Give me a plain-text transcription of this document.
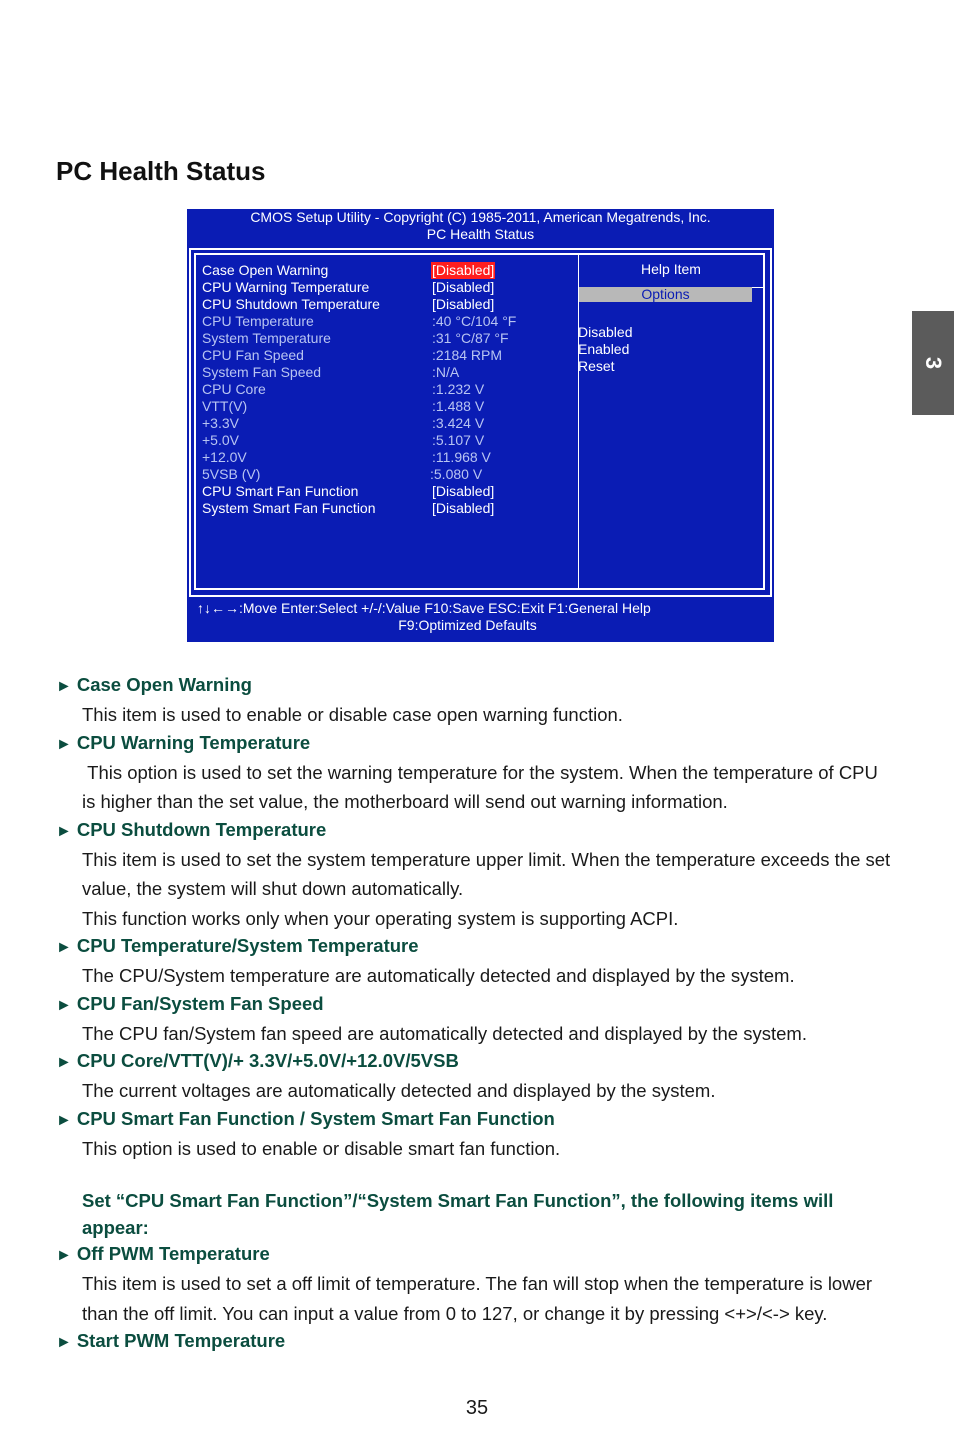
3
PC Health Status
CMOS Setup Utility - Copyright (C) 1985-2011, American Megatrends, Inc.
PC Health Status
Case Open Warning	[Disabled]
CPU Warning Temperature	[Disabled]
CPU Shutdown Temperature	[Disabled]
CPU Temperature	:40 °C/104 °F
System Temperature	:31 °C/87 °F
CPU Fan Speed	:2184 RPM
System Fan Speed	:N/A
CPU Core	:1.232 V
VTT(V)	:1.488 V
+3.3V	:3.424 V
+5.0V	:5.107 V
+12.0V	:11.968 V
5VSB (V)	:5.080 V
CPU Smart Fan Function	[Disabled]
System Smart Fan Function	[Disabled]
Help Item
Options
Disabled
Enabled
Reset
↑↓←→:Move Enter:Select +/-/:Value F10:Save ESC:Exit F1:General Help
F9:Optimized Defaults

► Case Open Warning

This item is used to enable or disable case open warning function.

► CPU Warning Temperature

This option is used to set the warning temperature for the system. When the temperature of CPU is higher than the set value, the motherboard will send out warning information.

► CPU Shutdown Temperature

This item is used to set the system temperature upper limit. When the temperature exceeds the set value, the system will shut down automatically.

This function works only when your operating system is supporting ACPI.

► CPU Temperature/System Temperature

The CPU/System temperature are automatically detected and displayed by the system.

► CPU Fan/System Fan Speed

The CPU fan/System fan speed are automatically detected and displayed by the system.

► CPU Core/VTT(V)/+ 3.3V/+5.0V/+12.0V/5VSB

The current voltages are automatically detected and displayed by the system.

► CPU Smart Fan Function / System Smart Fan Function

This option is used to enable or disable smart fan function.

Set “CPU Smart Fan Function”/“System Smart Fan Function”, the following items will appear:

► Off PWM Temperature

This item is used to set a off limit of temperature. The fan will stop when the temperature is lower than the off limit. You can input a value from 0 to 127, or change it by pressing <+>/<-> key.

► Start PWM Temperature

35
